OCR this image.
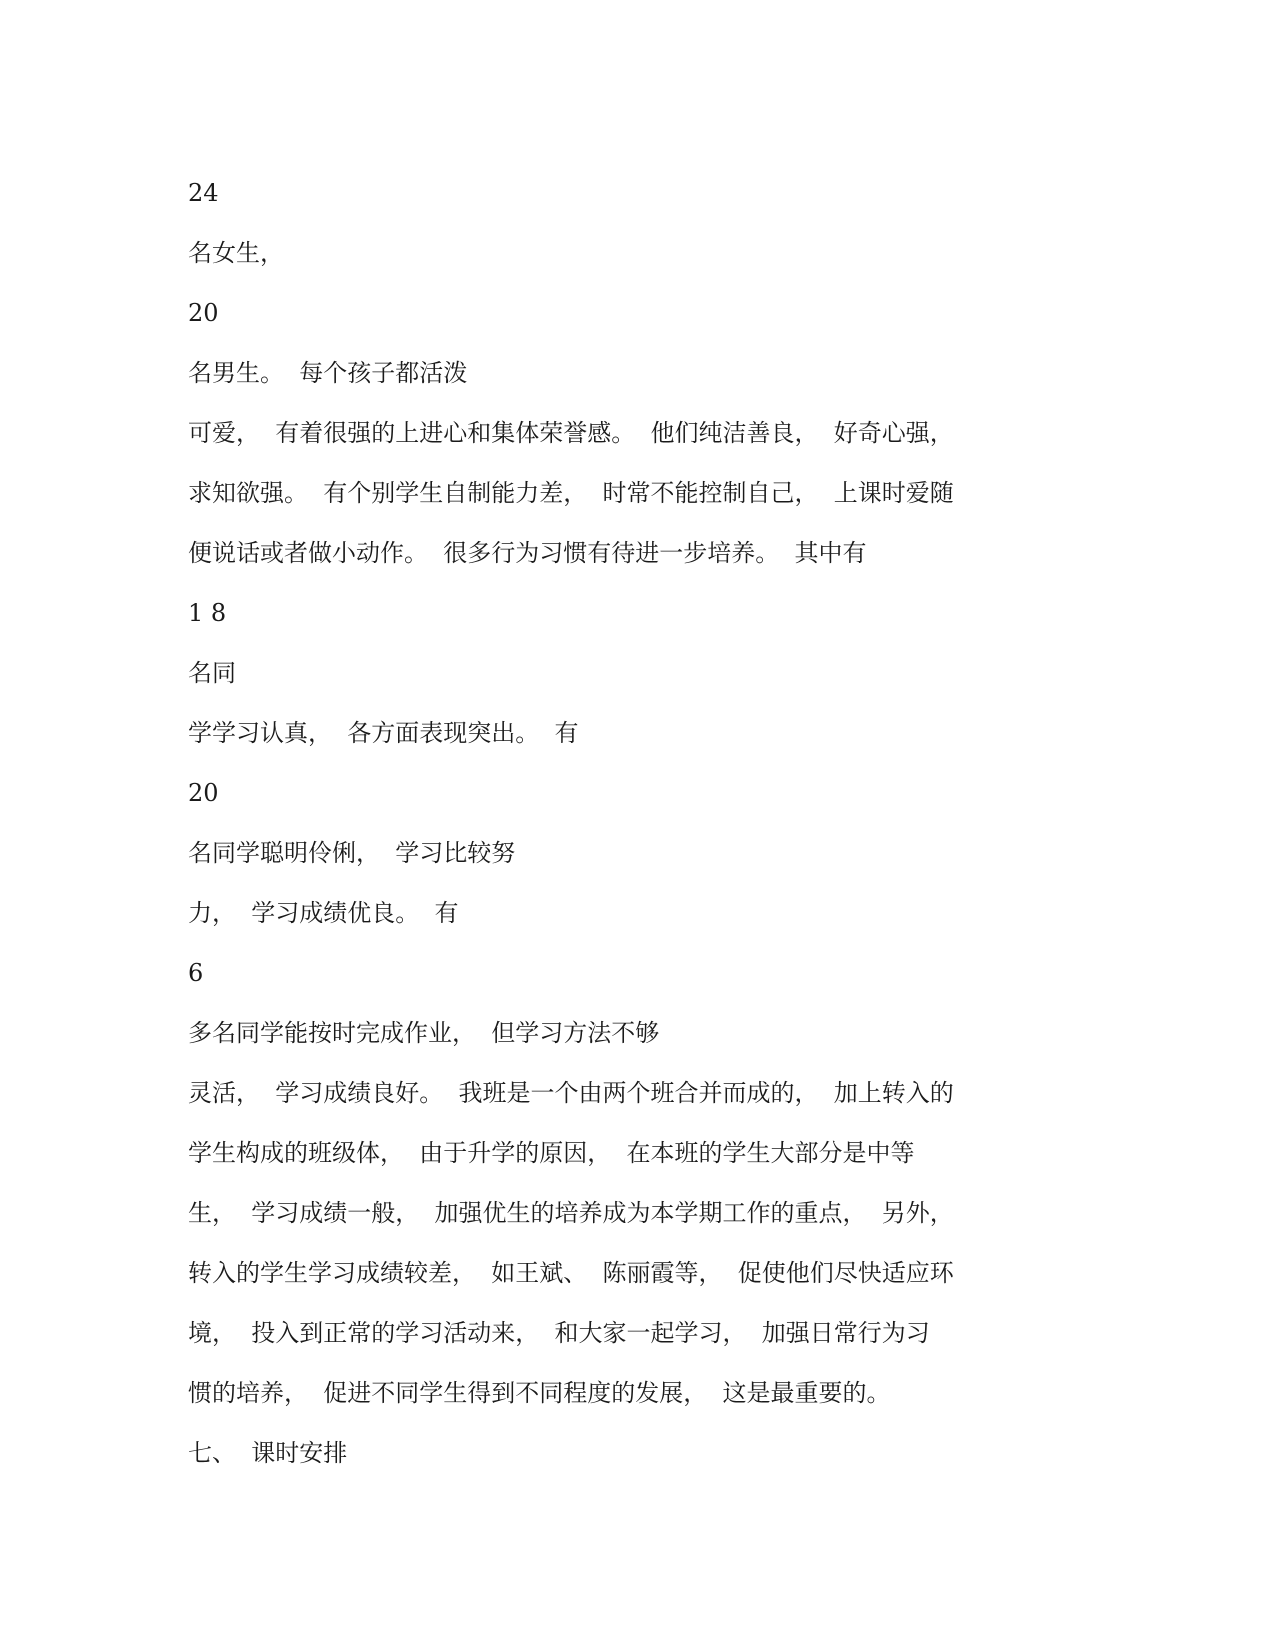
24
名女生，
20
名男生。  每个孩子都活泼
可爱，  有着很强的上进心和集体荣誉感。  他们纯洁善良，  好奇心强，
求知欲强。  有个别学生自制能力差，  时常不能控制自己，  上课时爱随
便说话或者做小动作。  很多行为习惯有待进一步培养。  其中有
1 8
名同
学学习认真，  各方面表现突出。  有
20
名同学聪明伶俐，  学习比较努
力，  学习成绩优良。  有
6
多名同学能按时完成作业，  但学习方法不够
灵活，  学习成绩良好。  我班是一个由两个班合并而成的，  加上转入的
学生构成的班级体，  由于升学的原因，  在本班的学生大部分是中等
生，  学习成绩一般，  加强优生的培养成为本学期工作的重点，  另外，
转入的学生学习成绩较差，  如王斌、  陈丽霞等，  促使他们尽快适应环
境，  投入到正常的学习活动来，  和大家一起学习，  加强日常行为习
惯的培养，  促进不同学生得到不同程度的发展，  这是最重要的。
七、  课时安排
